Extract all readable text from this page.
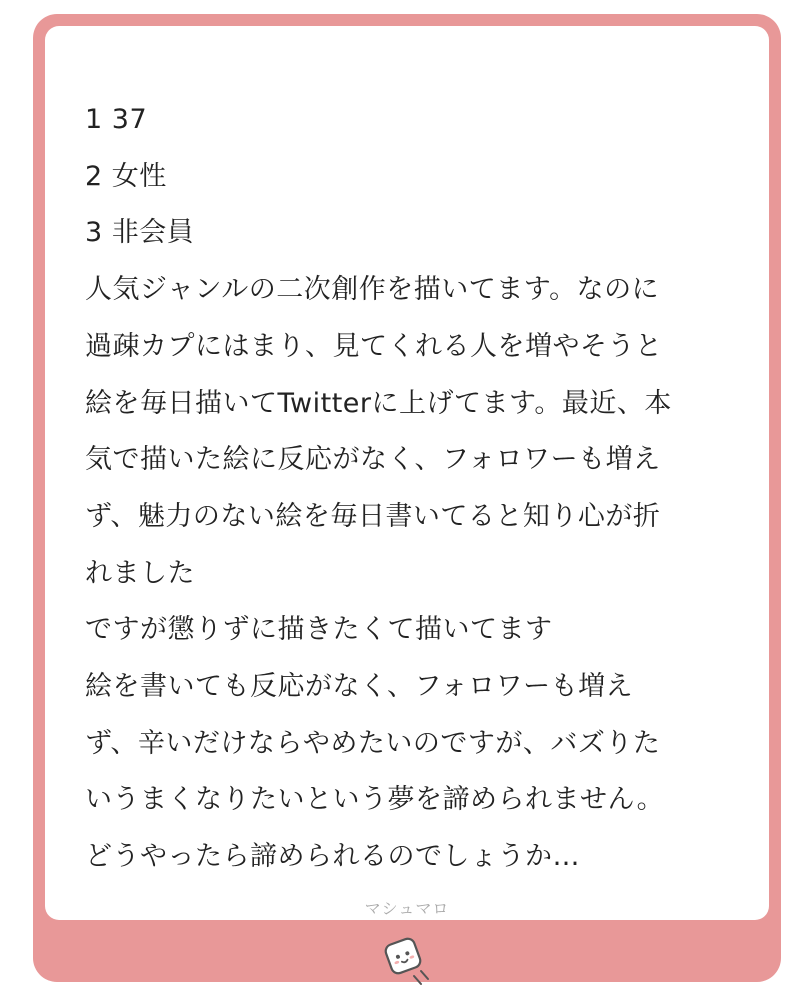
1 37
2 女性
3 非会員
人気ジャンルの二次創作を描いてます。なのに
過疎カプにはまり、見てくれる人を増やそうと
絵を毎日描いてTwitterに上げてます。最近、本
気で描いた絵に反応がなく、フォロワーも増え
ず、魅力のない絵を毎日書いてると知り心が折
れました
ですが懲りずに描きたくて描いてます
絵を書いても反応がなく、フォロワーも増え
ず、辛いだけならやめたいのですが、バズりた
いうまくなりたいという夢を諦められません。
どうやったら諦められるのでしょうか…
マシュマロ
